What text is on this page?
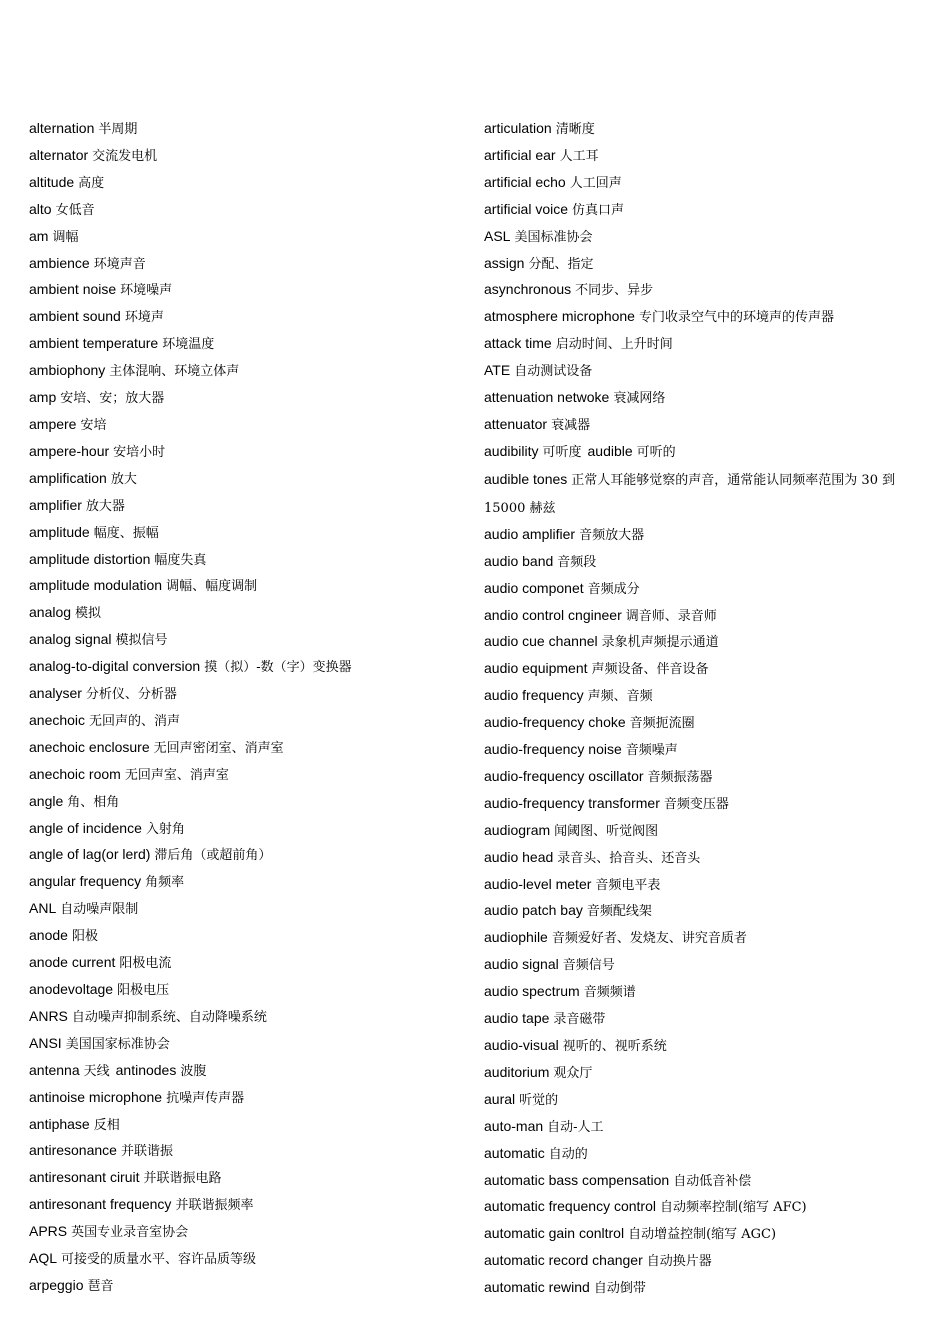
alternation 半周期
alternator 交流发电机
altitude 高度
alto 女低音
am 调幅
ambience 环境声音
ambient noise 环境噪声
ambient sound 环境声
ambient temperature 环境温度
ambiophony 主体混响、环境立体声
amp 安培、安；放大器
ampere 安培
ampere-hour 安培小时
amplification 放大
amplifier 放大器
amplitude 幅度、振幅
amplitude distortion 幅度失真
amplitude modulation 调幅、幅度调制
analog 模拟
analog signal 模拟信号
analog-to-digital conversion 摸（拟）-数（字）变换器
analyser 分析仪、分析器
anechoic 无回声的、消声
anechoic enclosure 无回声密闭室、消声室
anechoic room 无回声室、消声室
angle 角、相角
angle of incidence 入射角
angle of lag(or lerd) 滞后角（或超前角）
angular frequency 角频率
ANL 自动噪声限制
anode 阳极
anode current 阳极电流
anodevoltage 阳极电压
ANRS 自动噪声抑制系统、自动降噪系统
ANSI 美国国家标准协会
antenna 天线 antinodes 波腹
antinoise microphone 抗噪声传声器
antiphase 反相
antiresonance 并联谐振
antiresonant ciruit 并联谐振电路
antiresonant frequency 并联谐振频率
APRS 英国专业录音室协会
AQL 可接受的质量水平、容许品质等级
arpeggio 琶音
articulation 清晰度
artificial ear 人工耳
artificial echo 人工回声
artificial voice 仿真口声
ASL 美国标准协会
assign 分配、指定
asynchronous 不同步、异步
atmosphere microphone 专门收录空气中的环境声的传声器
attack time 启动时间、上升时间
ATE 自动测试设备
attenuation netwoke 衰减网络
attenuator 衰减器
audibility 可听度 audible 可听的
audible tones 正常人耳能够觉察的声音，通常能认同频率范围为 30 到 15000 赫兹
audio amplifier 音频放大器
audio band 音频段
audio componet 音频成分
andio control cngineer 调音师、录音师
audio cue channel 录象机声频提示通道
audio equipment 声频设备、伴音设备
audio frequency 声频、音频
audio-frequency choke 音频扼流圈
audio-frequency noise 音频噪声
audio-frequency oscillator 音频振荡器
audio-frequency transformer 音频变压器
audiogram 闻阈图、听觉阀图
audio head 录音头、拾音头、还音头
audio-level meter 音频电平表
audio patch bay 音频配线架
audiophile 音频爱好者、发烧友、讲究音质者
audio signal 音频信号
audio spectrum 音频频谱
audio tape 录音磁带
audio-visual 视听的、视听系统
auditorium 观众厅
aural 听觉的
auto-man 自动-人工
automatic 自动的
automatic bass compensation 自动低音补偿
automatic frequency control 自动频率控制(缩写 AFC)
automatic gain conltrol 自动增益控制(缩写 AGC)
automatic record changer 自动换片器
automatic rewind 自动倒带
